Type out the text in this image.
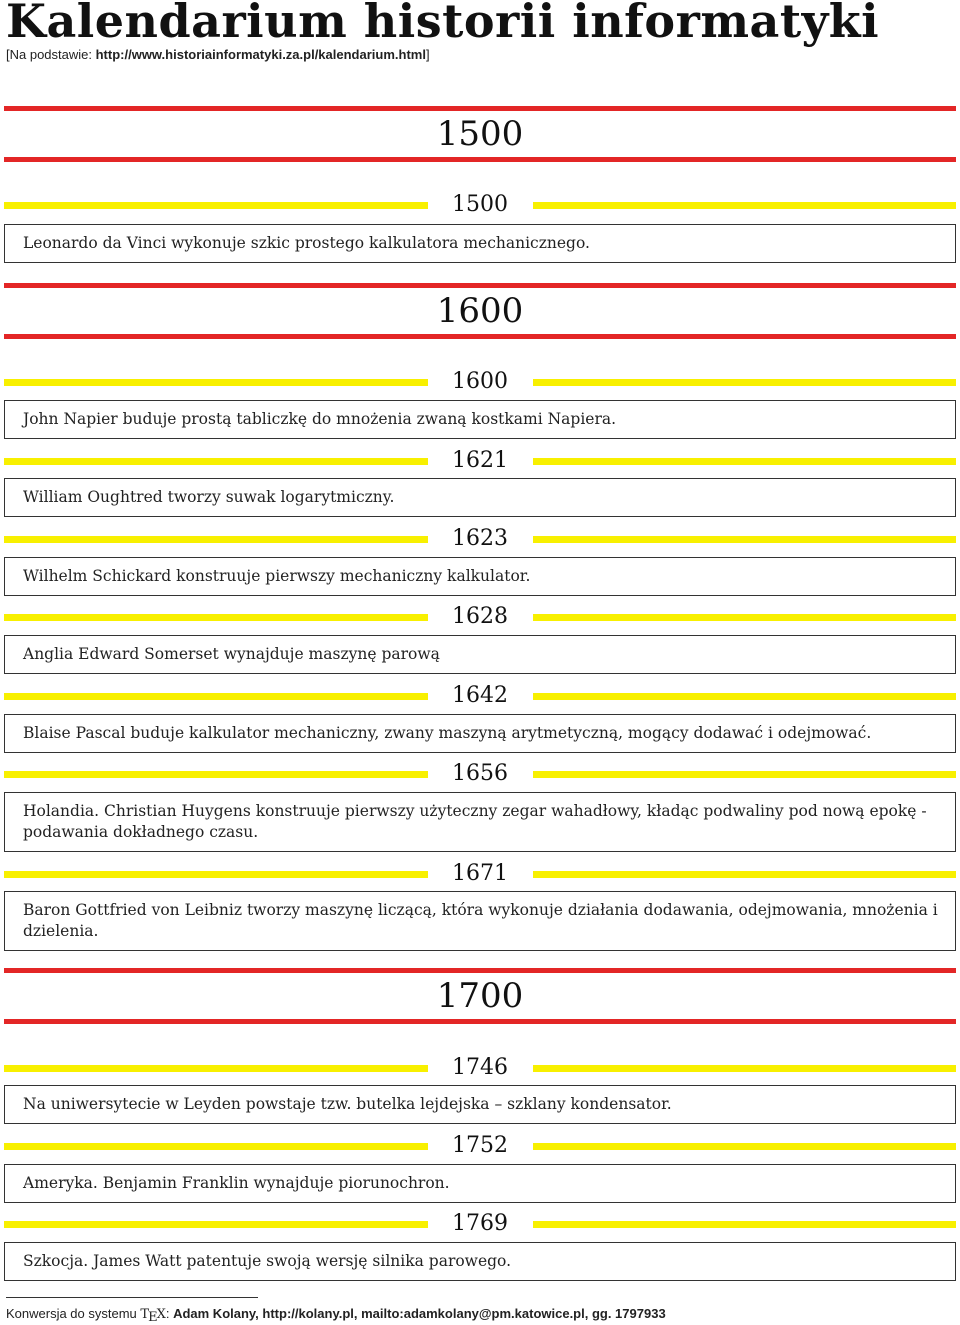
Kalendarium historii informatyki
[Na podstawie: http://www.historiainformatyki.za.pl/kalendarium.html]
1500
1500
Leonardo da Vinci wykonuje szkic prostego kalkulatora mechanicznego.
1600
1600
John Napier buduje prostą tabliczkę do mnożenia zwaną kostkami Napiera.
1621
William Oughtred tworzy suwak logarytmiczny.
1623
Wilhelm Schickard konstruuje pierwszy mechaniczny kalkulator.
1628
Anglia Edward Somerset wynajduje maszynę parową
1642
Blaise Pascal buduje kalkulator mechaniczny, zwany maszyną arytmetyczną, mogący dodawać i odejmować.
1656
Holandia. Christian Huygens konstruuje pierwszy użyteczny zegar wahadłowy, kładąc podwaliny pod nową epokę - podawania dokładnego czasu.
1671
Baron Gottfried von Leibniz tworzy maszynę liczącą, która wykonuje działania dodawania, odejmowania, mnożenia i dzielenia.
1700
1746
Na uniwersytecie w Leyden powstaje tzw. butelka lejdejska – szklany kondensator.
1752
Ameryka. Benjamin Franklin wynajduje piorunochron.
1769
Szkocja. James Watt patentuje swoją wersję silnika parowego.
Konwersja do systemu TEX: Adam Kolany, http://kolany.pl, mailto:adamkolany@pm.katowice.pl, gg. 1797933
